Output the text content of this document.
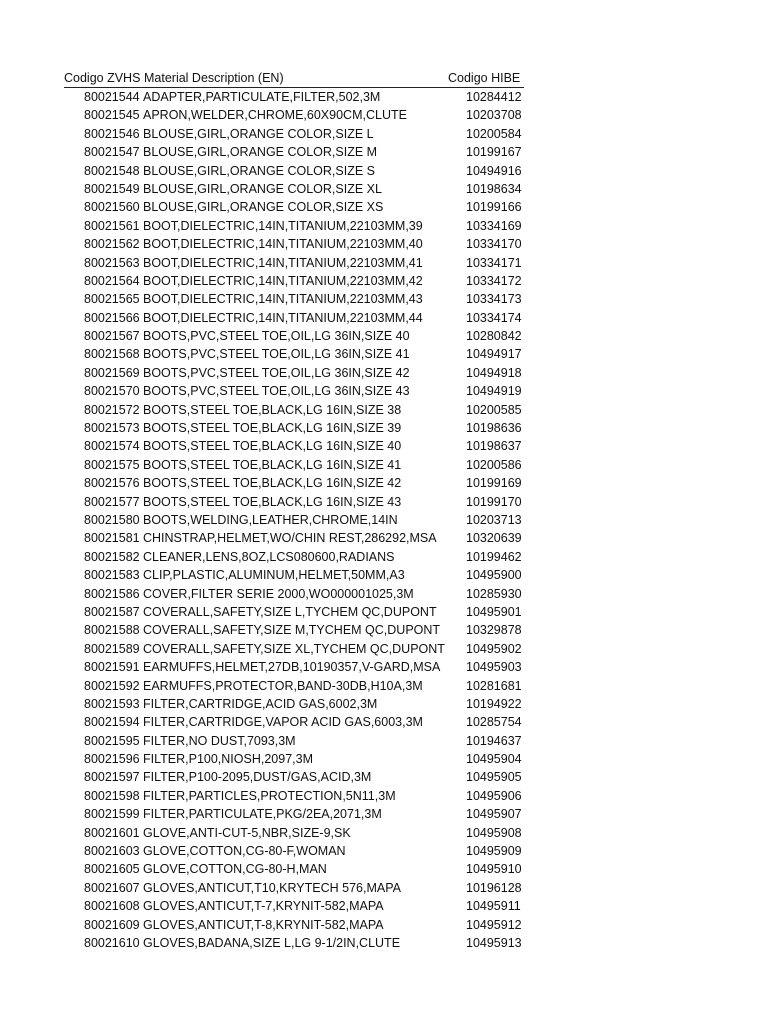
Codigo ZVHS Material Description (EN)	Codigo HIBE
80021544 ADAPTER,PARTICULATE,FILTER,502,3M	10284412
80021545 APRON,WELDER,CHROME,60X90CM,CLUTE	10203708
80021546 BLOUSE,GIRL,ORANGE COLOR,SIZE L	10200584
80021547 BLOUSE,GIRL,ORANGE COLOR,SIZE M	10199167
80021548 BLOUSE,GIRL,ORANGE COLOR,SIZE S	10494916
80021549 BLOUSE,GIRL,ORANGE COLOR,SIZE XL	10198634
80021560 BLOUSE,GIRL,ORANGE COLOR,SIZE XS	10199166
80021561 BOOT,DIELECTRIC,14IN,TITANIUM,22103MM,39	10334169
80021562 BOOT,DIELECTRIC,14IN,TITANIUM,22103MM,40	10334170
80021563 BOOT,DIELECTRIC,14IN,TITANIUM,22103MM,41	10334171
80021564 BOOT,DIELECTRIC,14IN,TITANIUM,22103MM,42	10334172
80021565 BOOT,DIELECTRIC,14IN,TITANIUM,22103MM,43	10334173
80021566 BOOT,DIELECTRIC,14IN,TITANIUM,22103MM,44	10334174
80021567 BOOTS,PVC,STEEL TOE,OIL,LG 36IN,SIZE 40	10280842
80021568 BOOTS,PVC,STEEL TOE,OIL,LG 36IN,SIZE 41	10494917
80021569 BOOTS,PVC,STEEL TOE,OIL,LG 36IN,SIZE 42	10494918
80021570 BOOTS,PVC,STEEL TOE,OIL,LG 36IN,SIZE 43	10494919
80021572 BOOTS,STEEL TOE,BLACK,LG 16IN,SIZE 38	10200585
80021573 BOOTS,STEEL TOE,BLACK,LG 16IN,SIZE 39	10198636
80021574 BOOTS,STEEL TOE,BLACK,LG 16IN,SIZE 40	10198637
80021575 BOOTS,STEEL TOE,BLACK,LG 16IN,SIZE 41	10200586
80021576 BOOTS,STEEL TOE,BLACK,LG 16IN,SIZE 42	10199169
80021577 BOOTS,STEEL TOE,BLACK,LG 16IN,SIZE 43	10199170
80021580 BOOTS,WELDING,LEATHER,CHROME,14IN	10203713
80021581 CHINSTRAP,HELMET,WO/CHIN REST,286292,MSA 10320639
80021582 CLEANER,LENS,8OZ,LCS080600,RADIANS	10199462
80021583 CLIP,PLASTIC,ALUMINUM,HELMET,50MM,A3	10495900
80021586 COVER,FILTER SERIE 2000,WO000001025,3M	10285930
80021587 COVERALL,SAFETY,SIZE L,TYCHEM QC,DUPONT 10495901
80021588 COVERALL,SAFETY,SIZE M,TYCHEM QC,DUPONT 10329878
80021589 COVERALL,SAFETY,SIZE XL,TYCHEM QC,DUPONT 10495902
80021591 EARMUFFS,HELMET,27DB,10190357,V-GARD,MSA 10495903
80021592 EARMUFFS,PROTECTOR,BAND-30DB,H10A,3M	10281681
80021593 FILTER,CARTRIDGE,ACID GAS,6002,3M	10194922
80021594 FILTER,CARTRIDGE,VAPOR ACID GAS,6003,3M	10285754
80021595 FILTER,NO DUST,7093,3M	10194637
80021596 FILTER,P100,NIOSH,2097,3M	10495904
80021597 FILTER,P100-2095,DUST/GAS,ACID,3M	10495905
80021598 FILTER,PARTICLES,PROTECTION,5N11,3M	10495906
80021599 FILTER,PARTICULATE,PKG/2EA,2071,3M	10495907
80021601 GLOVE,ANTI-CUT-5,NBR,SIZE-9,SK	10495908
80021603 GLOVE,COTTON,CG-80-F,WOMAN	10495909
80021605 GLOVE,COTTON,CG-80-H,MAN	10495910
80021607 GLOVES,ANTICUT,T10,KRYTECH 576,MAPA	10196128
80021608 GLOVES,ANTICUT,T-7,KRYNIT-582,MAPA	10495911
80021609 GLOVES,ANTICUT,T-8,KRYNIT-582,MAPA	10495912
80021610 GLOVES,BADANA,SIZE L,LG 9-1/2IN,CLUTE	10495913
